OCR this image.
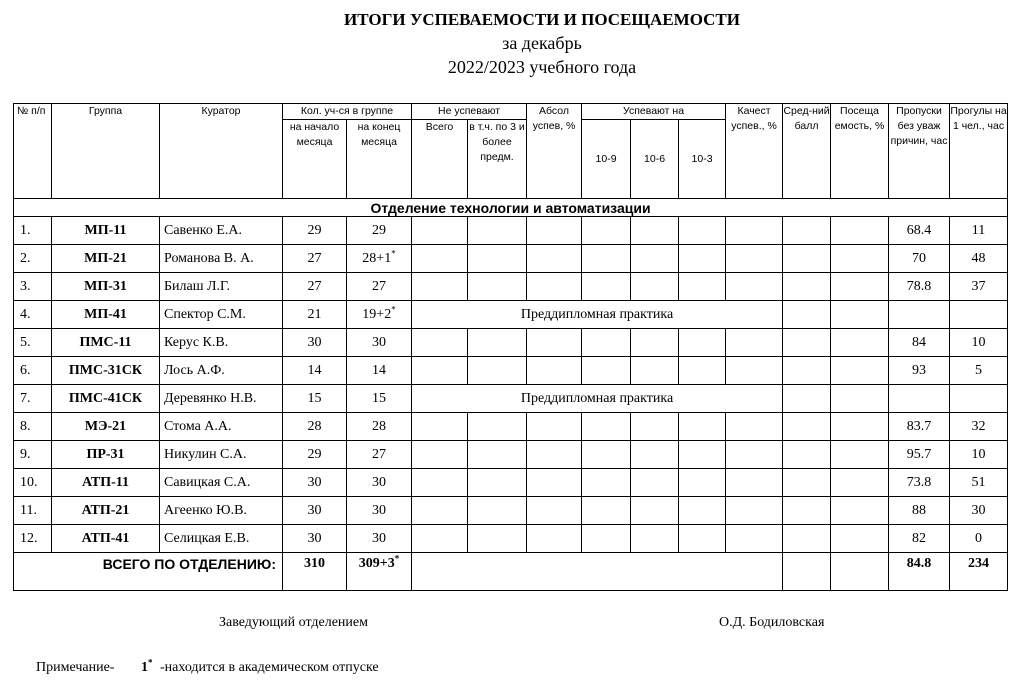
ИТОГИ УСПЕВАЕМОСТИ И ПОСЕЩАЕМОСТИ
за декабрь
2022/2023 учебного года
№ п/п	Группа	Куратор	Кол. уч-ся в группе		Не успевают		Абсол успев, %	Успевают на			Качест успев., %	Сред-ний балл	Посеща емость, %	Пропуски без уваж причин, час	Прогулы на 1 чел., час	
			на начало месяца	на конец месяца	Всего	в т.ч. по 3 и более предм.		10-9	10-6	10-3						
Отделение технологии и автоматизации																
1.	МП-11	Савенко Е.А.	29	29										68.4	11	
2.	МП-21	Романова В. А.	27	28+1*										70	48	
3.	МП-31	Билаш Л.Г.	27	27										78.8	37	
4.	МП-41	Спектор С.М.	21	19+2*	Преддипломная практика											
5.	ПМС-11	Керус К.В.	30	30										84	10	
6.	ПМС-31СК	Лось А.Ф.	14	14										93	5	
7.	ПМС-41СК	Деревянко Н.В.	15	15	Преддипломная практика											
8.	МЭ-21	Стома А.А.	28	28										83.7	32	
9.	ПР-31	Никулин С.А.	29	27										95.7	10	
10.	АТП-11	Савицкая С.А.	30	30										73.8	51	
11.	АТП-21	Агеенко Ю.В.	30	30										88	30	
12.	АТП-41	Селицкая Е.В.	30	30										82	0	
ВСЕГО ПО ОТДЕЛЕНИЮ:			310	309+3*										84.8	234	
Заведующий отделением	О.Д. Бодиловская
Примечание- 1* -находится в академическом отпуске
